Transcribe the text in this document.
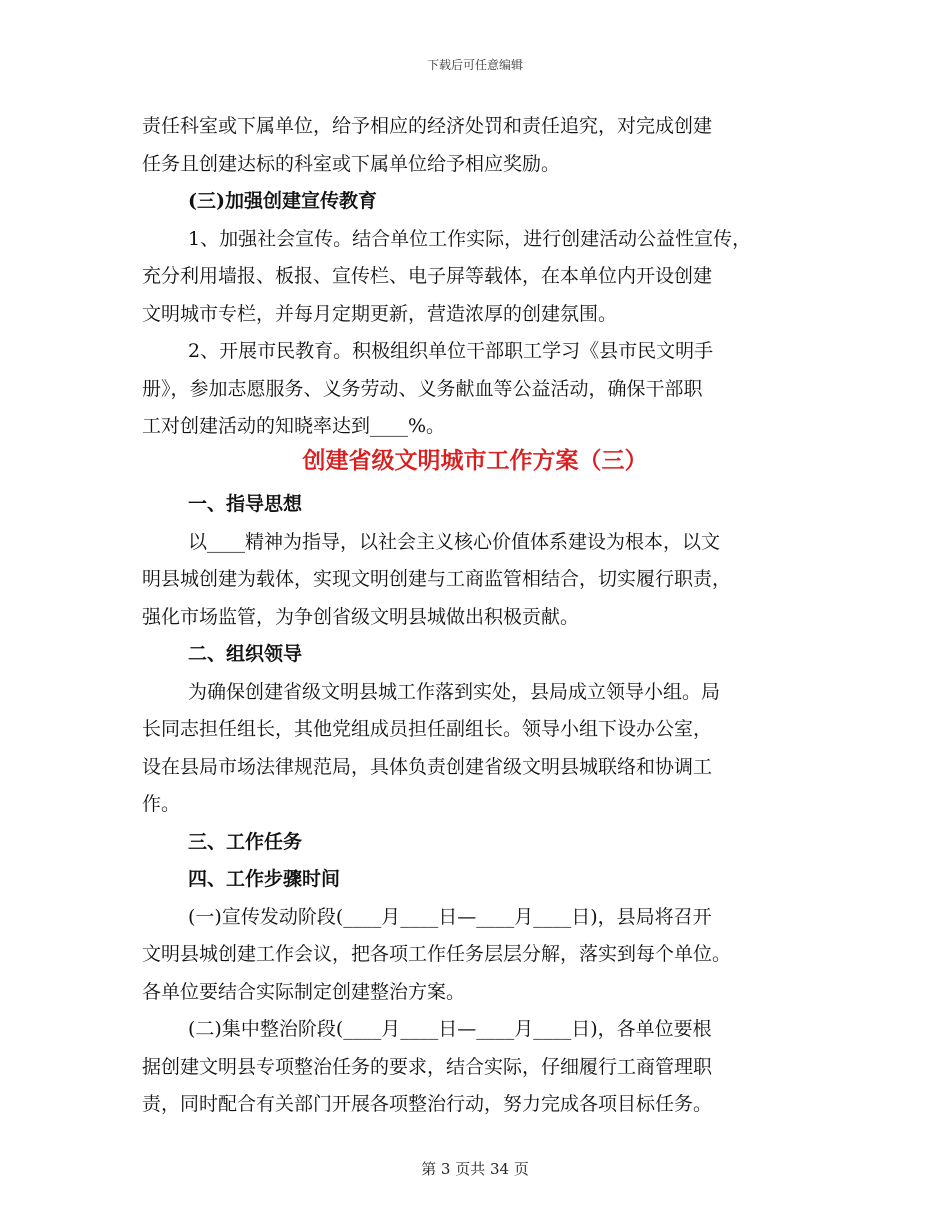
下载后可任意编辑
责任科室或下属单位，给予相应的经济处罚和责任追究，对完成创建
任务且创建达标的科室或下属单位给予相应奖励。
(三)加强创建宣传教育
1、加强社会宣传。结合单位工作实际，进行创建活动公益性宣传，
充分利用墙报、板报、宣传栏、电子屏等载体，在本单位内开设创建
文明城市专栏，并每月定期更新，营造浓厚的创建氛围。
2、开展市民教育。积极组织单位干部职工学习《县市民文明手
册》，参加志愿服务、义务劳动、义务献血等公益活动，确保干部职
工对创建活动的知晓率达到____%。
创建省级文明城市工作方案（三）
一、指导思想
以____精神为指导，以社会主义核心价值体系建设为根本，以文
明县城创建为载体，实现文明创建与工商监管相结合，切实履行职责，
强化市场监管，为争创省级文明县城做出积极贡献。
二、组织领导
为确保创建省级文明县城工作落到实处，县局成立领导小组。局
长同志担任组长，其他党组成员担任副组长。领导小组下设办公室，
设在县局市场法律规范局，具体负责创建省级文明县城联络和协调工
作。
三、工作任务
四、工作步骤时间
(一)宣传发动阶段(____月____日—____月____日)，县局将召开
文明县城创建工作会议，把各项工作任务层层分解，落实到每个单位。
各单位要结合实际制定创建整治方案。
(二)集中整治阶段(____月____日—____月____日)，各单位要根
据创建文明县专项整治任务的要求，结合实际，仔细履行工商管理职
责，同时配合有关部门开展各项整治行动，努力完成各项目标任务。
第 3 页共 34 页
